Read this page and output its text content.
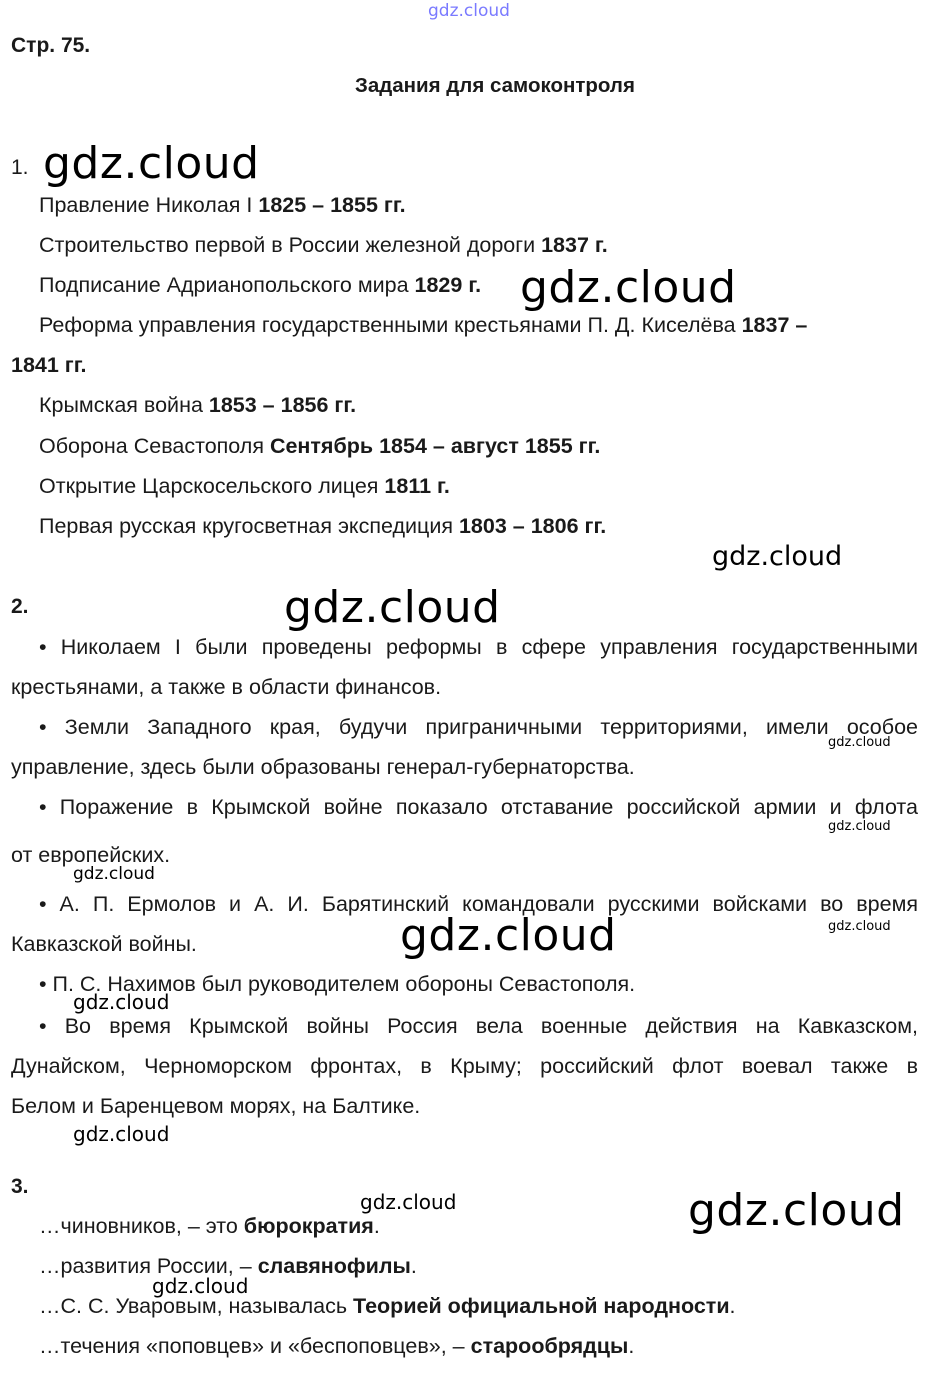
gdz.cloud
Стр. 75.
Задания для самоконтроля
1. gdz.cloud
Правление Николая I 1825 – 1855 гг.
Строительство первой в России железной дороги 1837 г.
Подписание Адрианопольского мира 1829 г. gdz.cloud
Реформа управления государственными крестьянами П. Д. Киселёва 1837 –
1841 гг.
Крымская война 1853 – 1856 гг.
Оборона Севастополя Сентябрь 1854 – август 1855 гг.
Открытие Царскосельского лицея 1811 г.
Первая русская кругосветная экспедиция 1803 – 1806 гг.
gdz.cloud
2.	gdz.cloud
• Николаем I были проведены реформы в сфере управления государственными
крестьянами, а также в области финансов.
• Земли Западного края, будучи приграничными территориями, имели особое
управление, здесь были образованы генерал-губернаторства.
gdz.cloud
• Поражение в Крымской войне показало отставание российской армии и флота
от европейских.
gdz.cloud
gdz.cloud
• А. П. Ермолов и А. И. Барятинский командовали русскими войсками во время
Кавказской войны.
gdz.cloud
gdz.cloud
• П. С. Нахимов был руководителем обороны Севастополя.
gdz.cloud
• Во время Крымской войны Россия вела военные действия на Кавказском,
Дунайском, Черноморском фронтах, в Крыму; российский флот воевал также в
Белом и Баренцевом морях, на Балтике.
gdz.cloud
3.
gdz.cloud	gdz.cloud
…чиновников, – это бюрократия.
…развития России, – славянофилы.
gdz.cloud
…С. С. Уваровым, называлась Теорией официальной народности.
…течения «поповцев» и «беспоповцев», – старообрядцы.
